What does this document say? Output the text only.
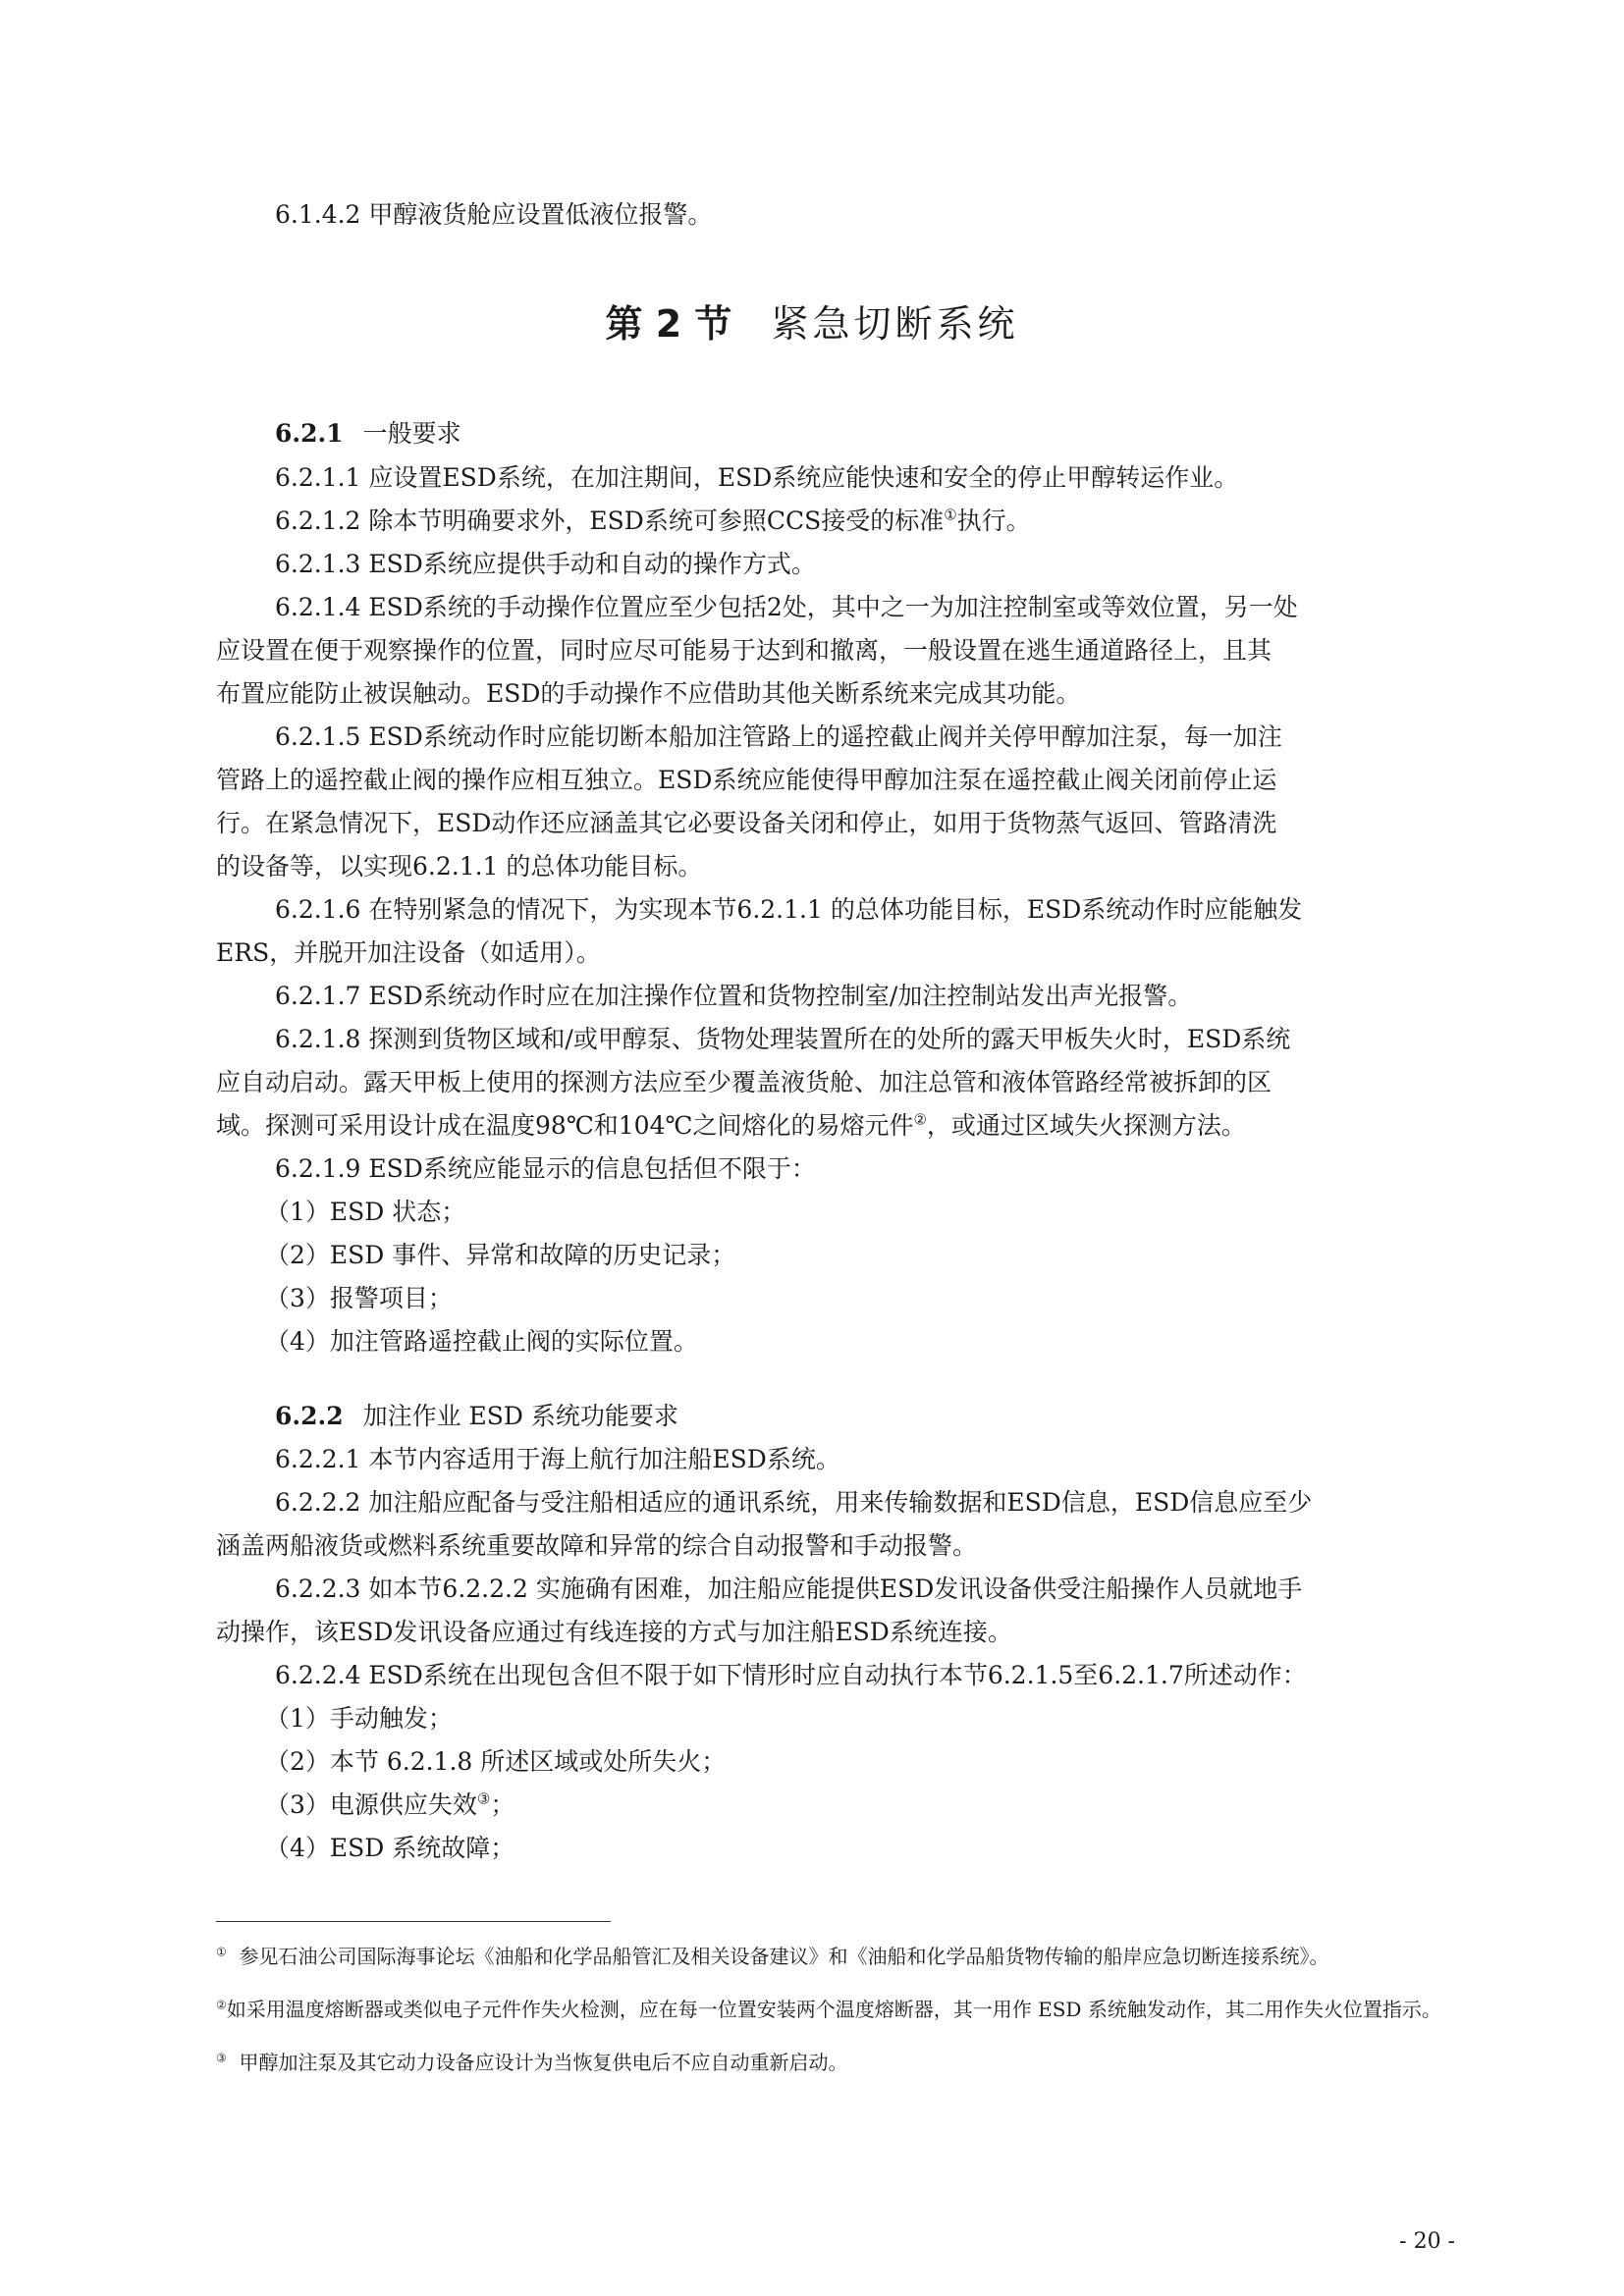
6.1.4.2 甲醇液货舱应设置低液位报警。
第 2 节 紧急切断系统
6.2.1 一般要求
6.2.1.1 应设置ESD系统，在加注期间，ESD系统应能快速和安全的停止甲醇转运作业。
6.2.1.2 除本节明确要求外，ESD系统可参照CCS接受的标准①执行。
6.2.1.3 ESD系统应提供手动和自动的操作方式。
6.2.1.4 ESD系统的手动操作位置应至少包括2处，其中之一为加注控制室或等效位置，另一处
应设置在便于观察操作的位置，同时应尽可能易于达到和撤离，一般设置在逃生通道路径上，且其
布置应能防止被误触动。ESD的手动操作不应借助其他关断系统来完成其功能。
6.2.1.5 ESD系统动作时应能切断本船加注管路上的遥控截止阀并关停甲醇加注泵，每一加注
管路上的遥控截止阀的操作应相互独立。ESD系统应能使得甲醇加注泵在遥控截止阀关闭前停止运
行。在紧急情况下，ESD动作还应涵盖其它必要设备关闭和停止，如用于货物蒸气返回、管路清洗
的设备等，以实现6.2.1.1 的总体功能目标。
6.2.1.6 在特别紧急的情况下，为实现本节6.2.1.1 的总体功能目标，ESD系统动作时应能触发
ERS，并脱开加注设备（如适用）。
6.2.1.7 ESD系统动作时应在加注操作位置和货物控制室/加注控制站发出声光报警。
6.2.1.8 探测到货物区域和/或甲醇泵、货物处理装置所在的处所的露天甲板失火时，ESD系统
应自动启动。露天甲板上使用的探测方法应至少覆盖液货舱、加注总管和液体管路经常被拆卸的区
域。探测可采用设计成在温度98℃和104℃之间熔化的易熔元件②，或通过区域失火探测方法。
6.2.1.9 ESD系统应能显示的信息包括但不限于：
（1）ESD 状态；
（2）ESD 事件、异常和故障的历史记录；
（3）报警项目；
（4）加注管路遥控截止阀的实际位置。
6.2.2 加注作业 ESD 系统功能要求
6.2.2.1 本节内容适用于海上航行加注船ESD系统。
6.2.2.2 加注船应配备与受注船相适应的通讯系统，用来传输数据和ESD信息，ESD信息应至少
涵盖两船液货或燃料系统重要故障和异常的综合自动报警和手动报警。
6.2.2.3 如本节6.2.2.2 实施确有困难，加注船应能提供ESD发讯设备供受注船操作人员就地手
动操作，该ESD发讯设备应通过有线连接的方式与加注船ESD系统连接。
6.2.2.4 ESD系统在出现包含但不限于如下情形时应自动执行本节6.2.1.5至6.2.1.7所述动作：
（1）手动触发；
（2）本节 6.2.1.8 所述区域或处所失火；
（3）电源供应失效③；
（4）ESD 系统故障；
① 参见石油公司国际海事论坛《油船和化学品船管汇及相关设备建议》和《油船和化学品船货物传输的船岸应急切断连接系统》。
②如采用温度熔断器或类似电子元件作失火检测，应在每一位置安装两个温度熔断器，其一用作 ESD 系统触发动作，其二用作失火位置指示。
③ 甲醇加注泵及其它动力设备应设计为当恢复供电后不应自动重新启动。
- 20 -
